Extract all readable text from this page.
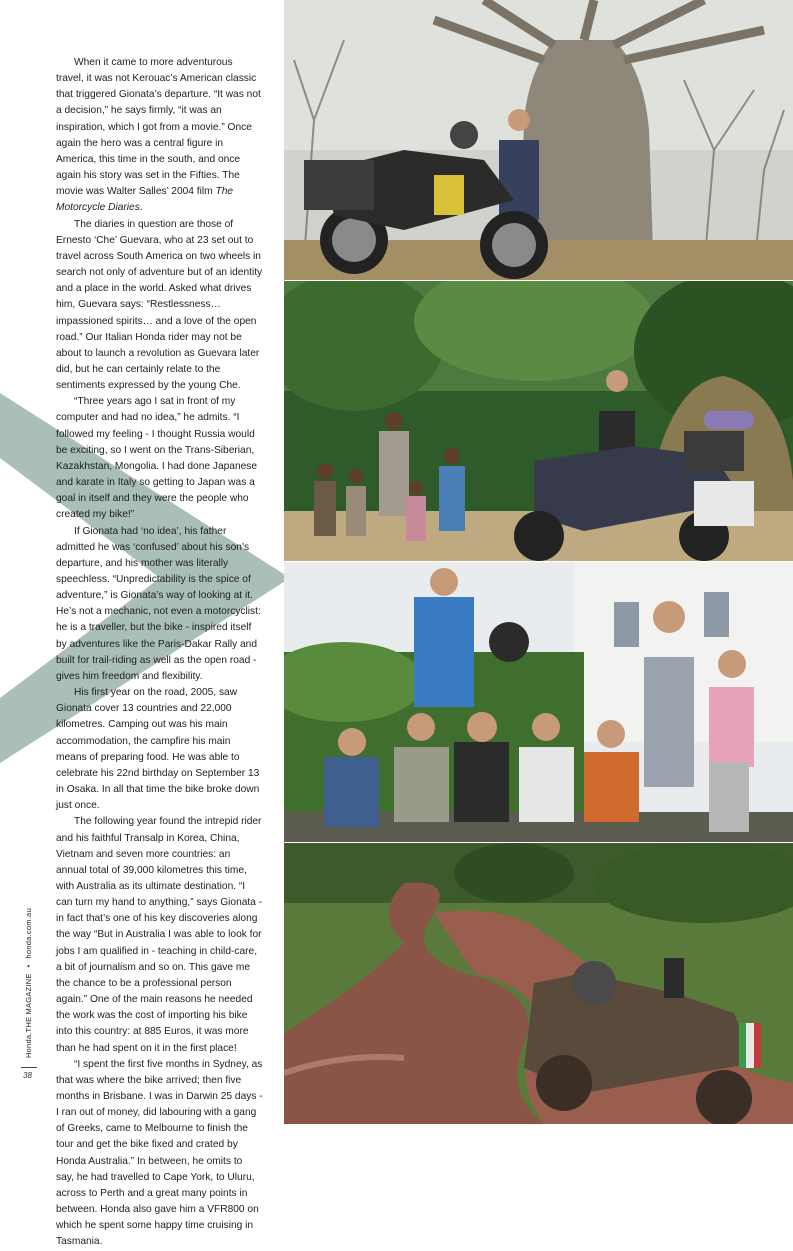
When it came to more adventurous travel, it was not Kerouac’s American classic that triggered Gionata’s departure. “It was not a decision,” he says firmly, “it was an inspiration, which I got from a movie.” Once again the hero was a central figure in America, this time in the south, and once again his story was set in the Fifties. The movie was Walter Salles’ 2004 film The Motorcycle Diaries.

The diaries in question are those of Ernesto ‘Che’ Guevara, who at 23 set out to travel across South America on two wheels in search not only of adventure but of an identity and a place in the world. Asked what drives him, Guevara says: “Restlessness… impassioned spirits… and a love of the open road.” Our Italian Honda rider may not be about to launch a revolution as Guevara later did, but he can certainly relate to the sentiments expressed by the young Che.

“Three years ago I sat in front of my computer and had no idea,” he admits. “I followed my feeling - I thought Russia would be exciting, so I went on the Trans-Siberian, Kazakhstan, Mongolia. I had done Japanese and karate in Italy so getting to Japan was a goal in itself and they were the people who created my bike!”

If Gionata had ‘no idea’, his father admitted he was ‘confused’ about his son’s departure, and his mother was literally speechless. “Unpredictability is the spice of adventure,” is Gionata’s way of looking at it. He’s not a mechanic, not even a motorcyclist: he is a traveller, but the bike - inspired itself by adventures like the Paris-Dakar Rally and built for trail-riding as well as the open road - gives him freedom and flexibility.

His first year on the road, 2005, saw Gionata cover 13 countries and 22,000 kilometres. Camping out was his main accommodation, the campfire his main means of preparing food. He was able to celebrate his 22nd birthday on September 13 in Osaka. In all that time the bike broke down just once.

The following year found the intrepid rider and his faithful Transalp in Korea, China, Vietnam and seven more countries: an annual total of 39,000 kilometres this time, with Australia as its ultimate destination. “I can turn my hand to anything,” says Gionata - in fact that’s one of his key discoveries along the way “But in Australia I was able to look for jobs I am qualified in - teaching in child-care, a bit of journalism and so on. This gave me the chance to be a professional person again.” One of the main reasons he needed the work was the cost of importing his bike into this country: at 885 Euros, it was more than he had spent on it in the first place!

“I spent the first five months in Sydney, as that was where the bike arrived; then five months in Brisbane. I was in Darwin 25 days - I ran out of money, did labouring with a gang of Greeks, came to Melbourne to finish the tour and get the bike fixed and crated by Honda Australia.” In between, he omits to say, he had travelled to Cape York, to Uluru, across to Perth and a great many points in between. Honda also gave him a VFR800 on which he spent some happy time cruising in Tasmania.

Honda.THE MAGAZINE•honda.com.au
38
